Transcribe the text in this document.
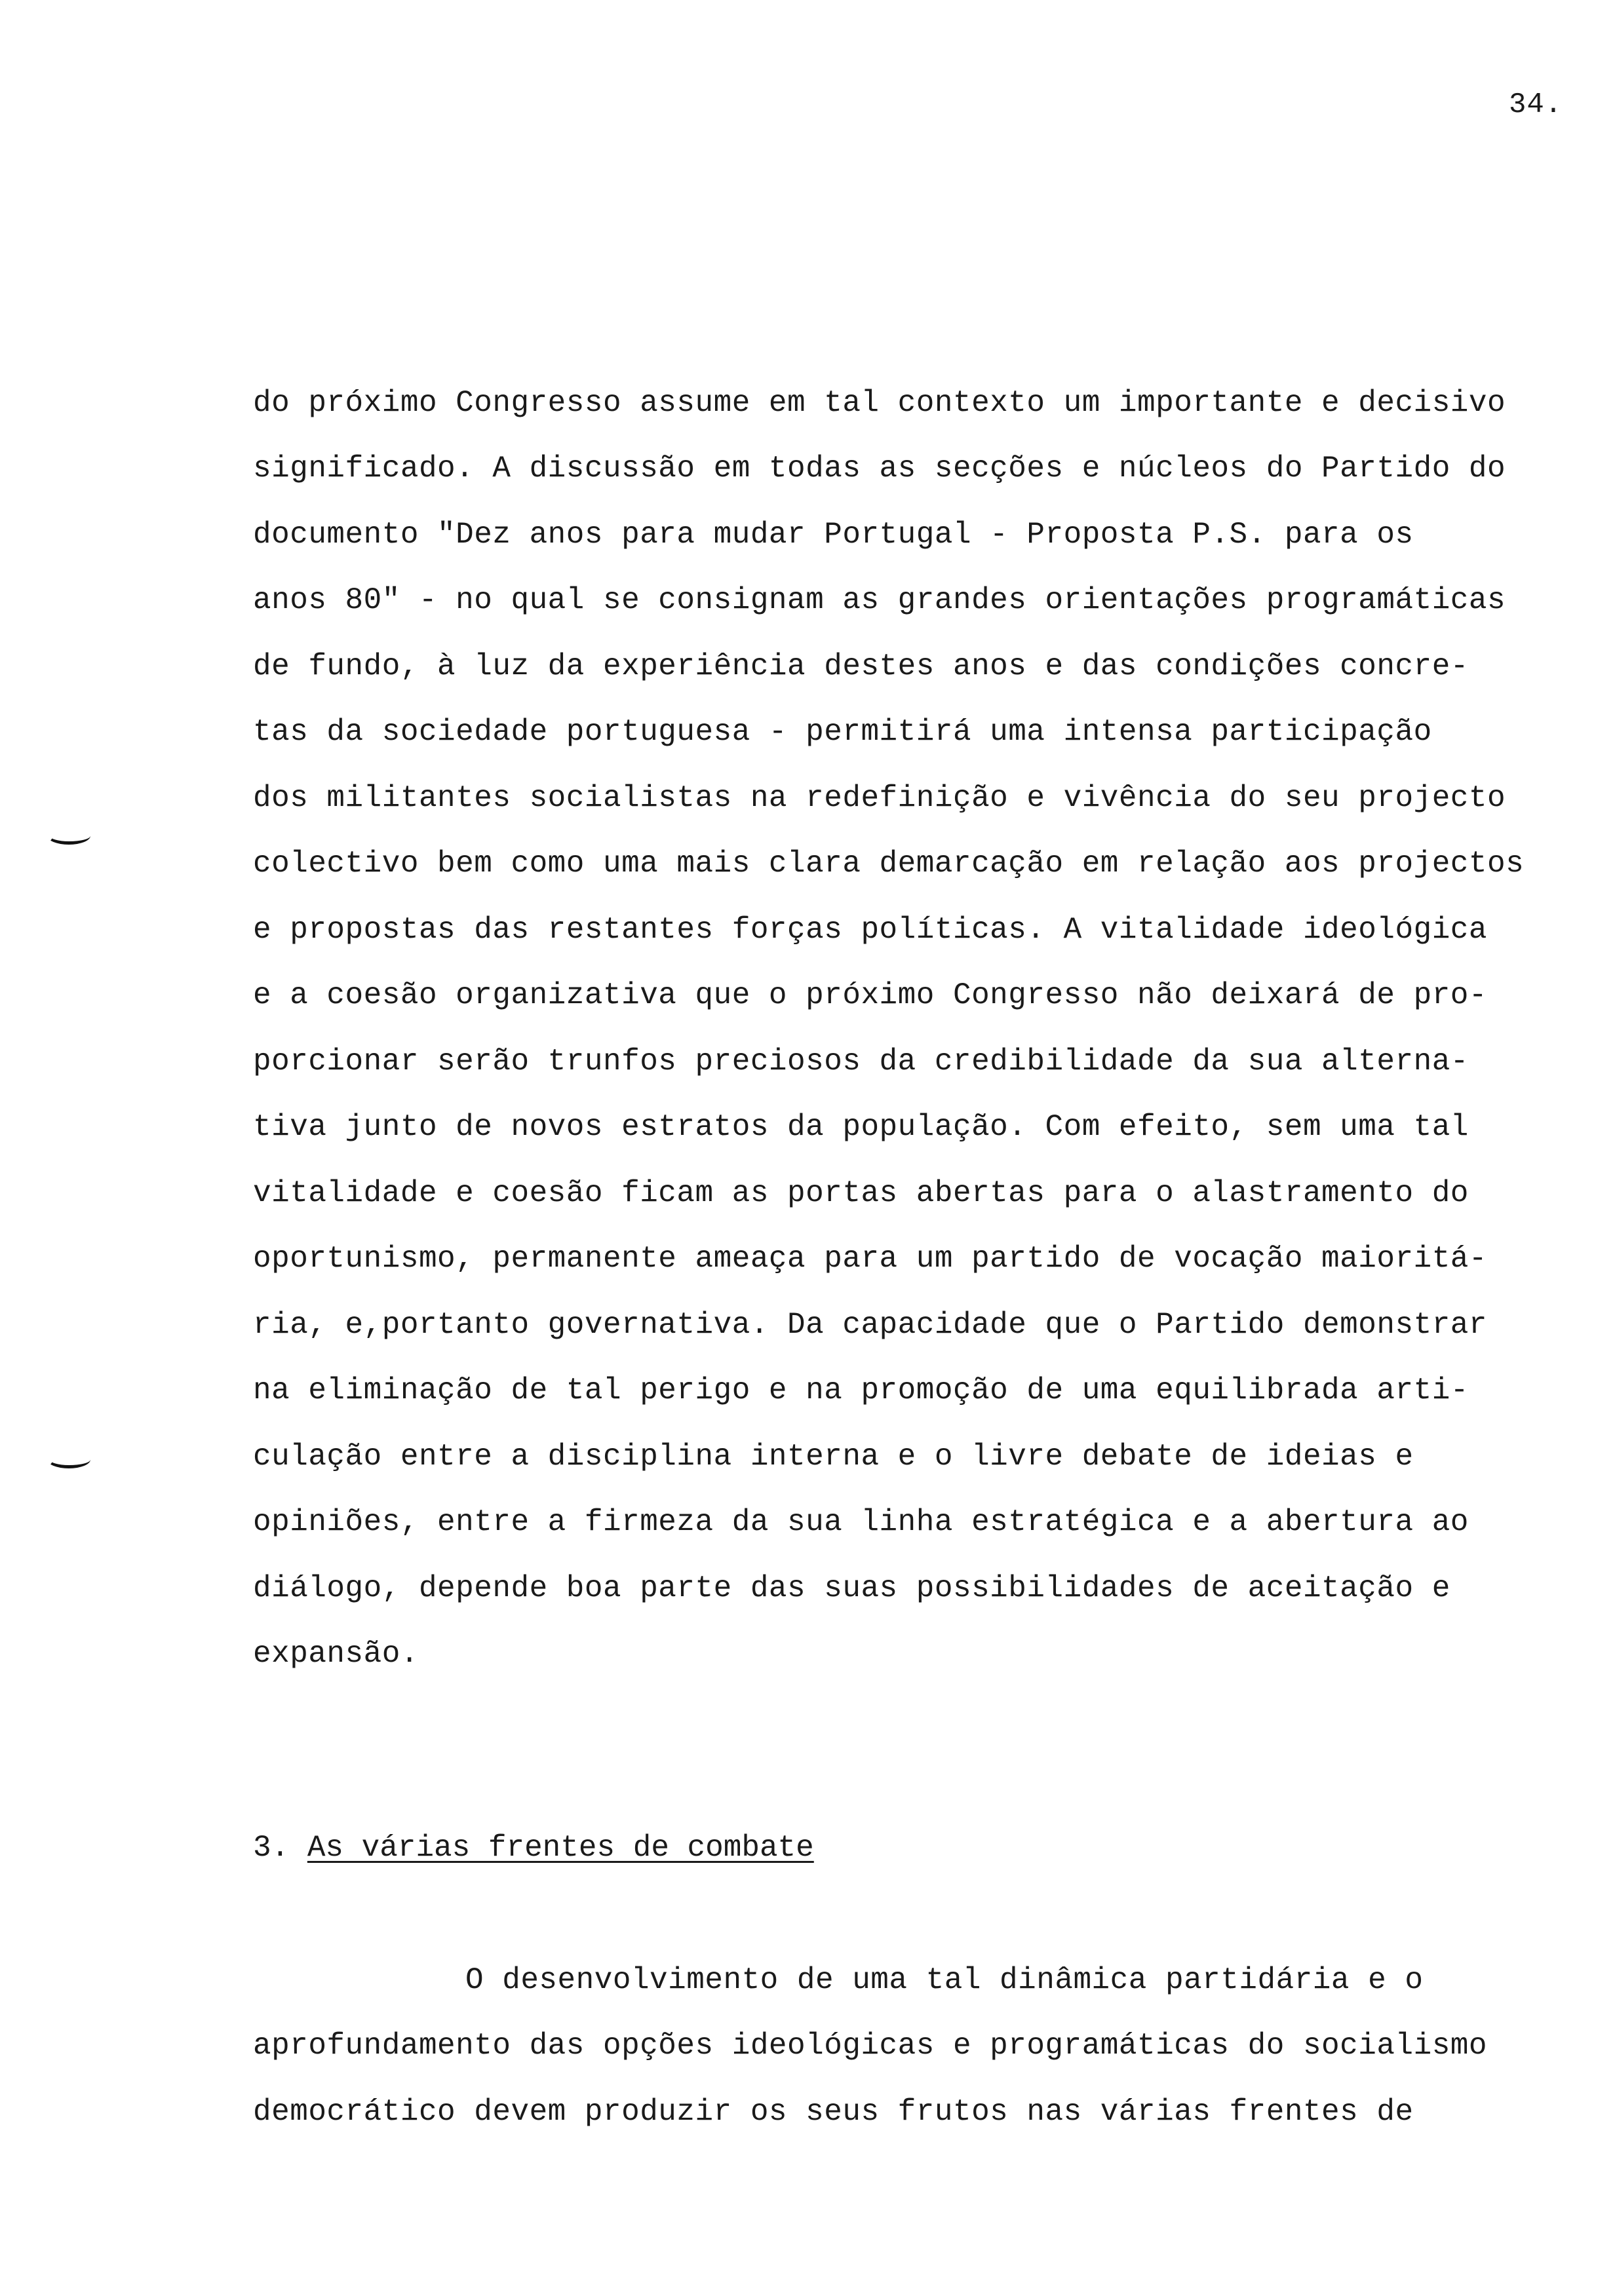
34.
do próximo Congresso assume em tal contexto um importante e decisivo
significado. A discussão em todas as secções e núcleos do Partido do
documento "Dez anos para mudar Portugal - Proposta P.S. para os
anos 80" - no qual se consignam as grandes orientações programáticas
de fundo, à luz da experiência destes anos e das condições concre-
tas da sociedade portuguesa - permitirá uma intensa participação
dos militantes socialistas na redefinição e vivência do seu projecto
colectivo bem como uma mais clara demarcação em relação aos projectos
e propostas das restantes forças políticas. A vitalidade ideológica
e a coesão organizativa que o próximo Congresso não deixará de pro-
porcionar serão trunfos preciosos da credibilidade da sua alterna-
tiva junto de novos estratos da população. Com efeito, sem uma tal
vitalidade e coesão ficam as portas abertas para o alastramento do
oportunismo, permanente ameaça para um partido de vocação maioritá-
ria, e,portanto governativa. Da capacidade que o Partido demonstrar
na eliminação de tal perigo e na promoção de uma equilibrada arti-
culação entre a disciplina interna e o livre debate de ideias e
opiniões, entre a firmeza da sua linha estratégica e a abertura ao
diálogo, depende boa parte das suas possibilidades de aceitação e
expansão.
3. As várias frentes de combate
O desenvolvimento de uma tal dinâmica partidária e o
aprofundamento das opções ideológicas e programáticas do socialismo
democrático devem produzir os seus frutos nas várias frentes de
